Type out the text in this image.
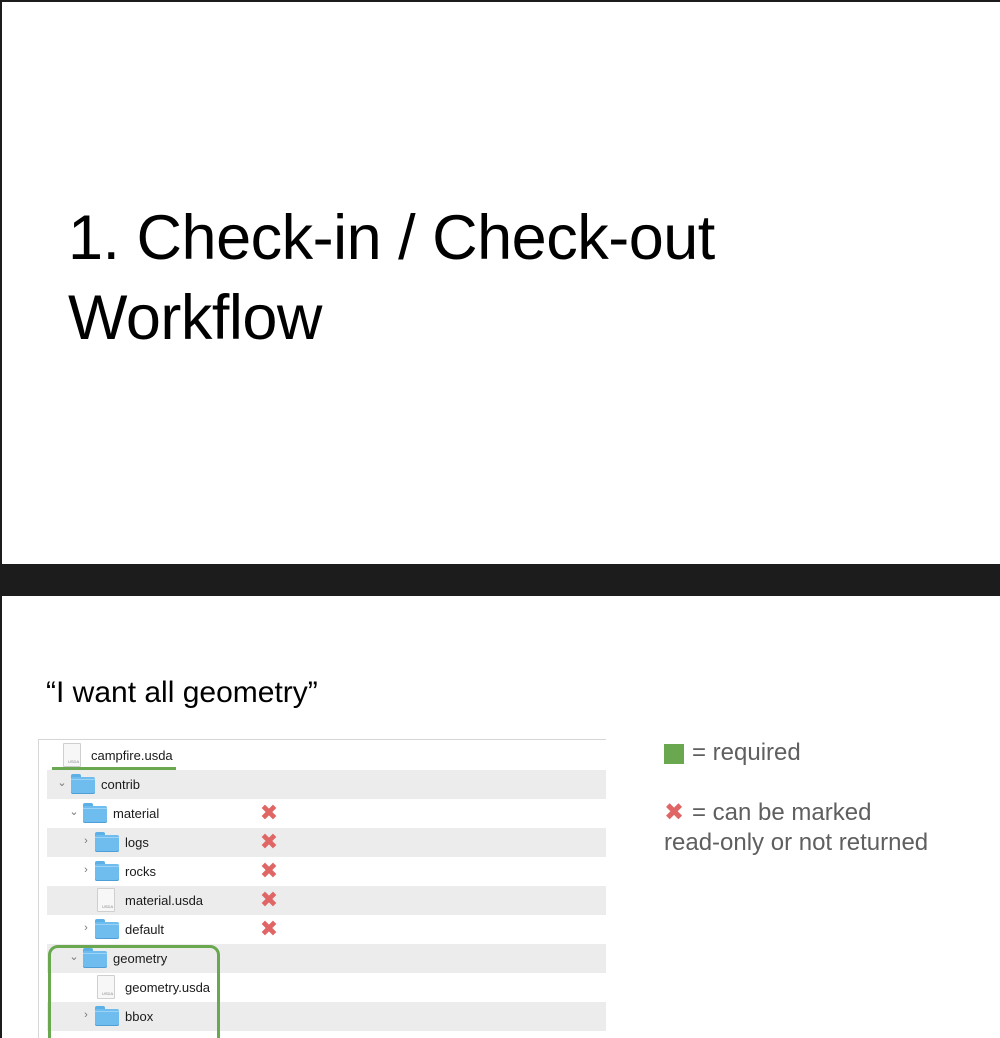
1. Check-in / Check-out
Workflow
“I want all geometry”
USDA campfire.usda
⌄	contrib
⌄	material	✖
›	logs	✖
›	rocks	✖
USDA material.usda	✖
›	default	✖
⌄	geometry
USDA geometry.usda
›	bbox
= required
✖ = can be marked
read-only or not returned
